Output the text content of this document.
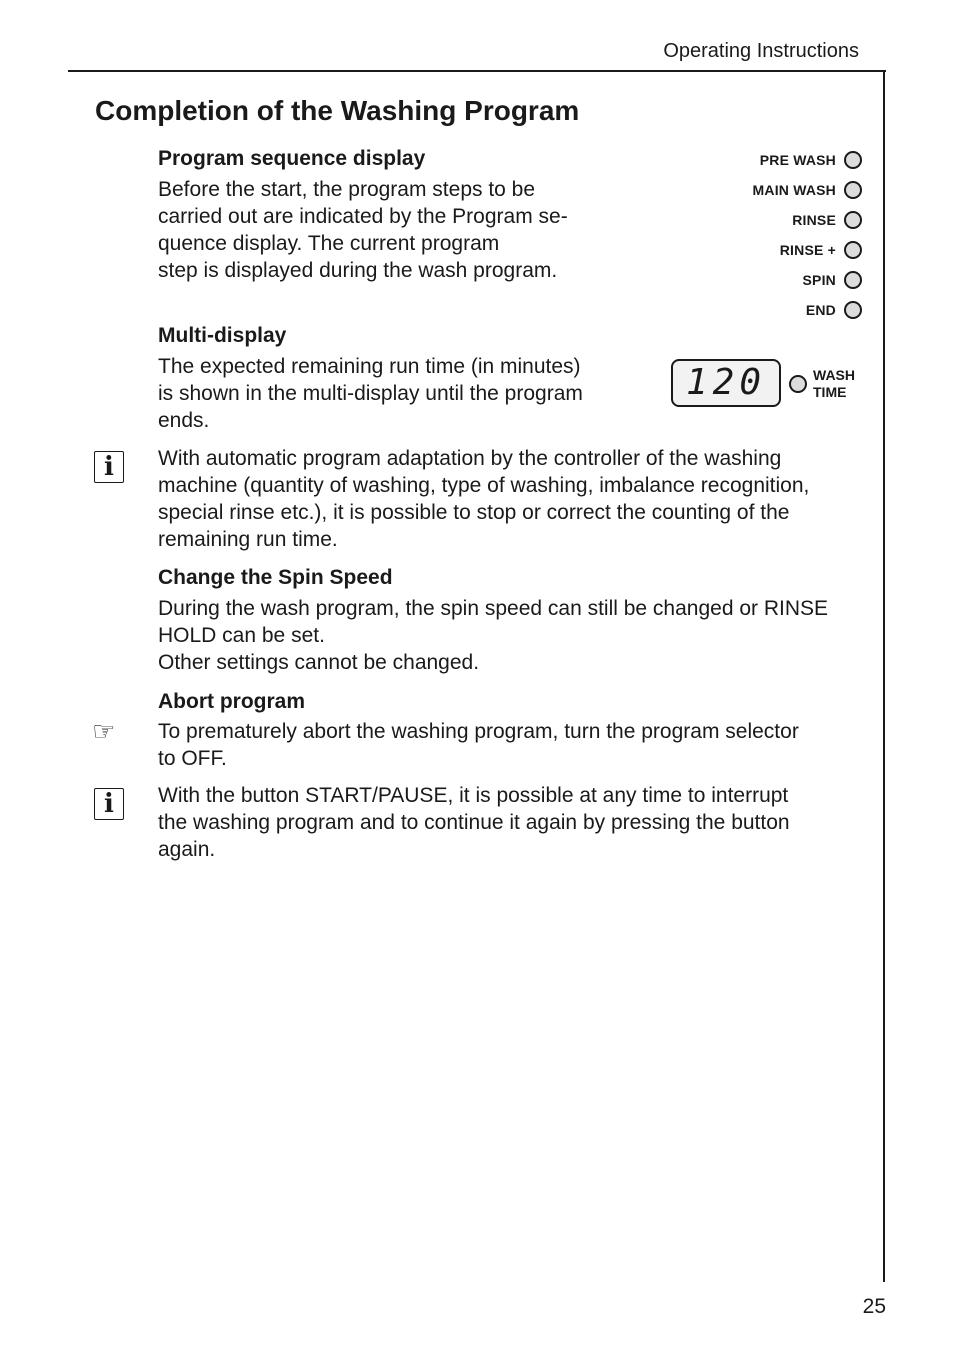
Operating Instructions
25
Completion of the Washing Program
Program sequence display
Before the start, the program steps to be
carried out are indicated by the Program se-
quence display. The current program
step is displayed during the wash program.
PRE WASH
MAIN WASH
RINSE
RINSE +
SPIN
END
Multi-display
The expected remaining run time (in minutes)
is shown in the multi-display until the program
ends.
120	WASH
TIME
i	With automatic program adaptation by the controller of the washing
machine (quantity of washing, type of washing, imbalance recognition,
special rinse etc.), it is possible to stop or correct the counting of the
remaining run time.
Change the Spin Speed
During the wash program, the spin speed can still be changed or RINSE
HOLD can be set.
Other settings cannot be changed.
Abort program
☞ To prematurely abort the washing program, turn the program selector
to OFF.
i	With the button START/PAUSE, it is possible at any time to interrupt
the washing program and to continue it again by pressing the button
again.
